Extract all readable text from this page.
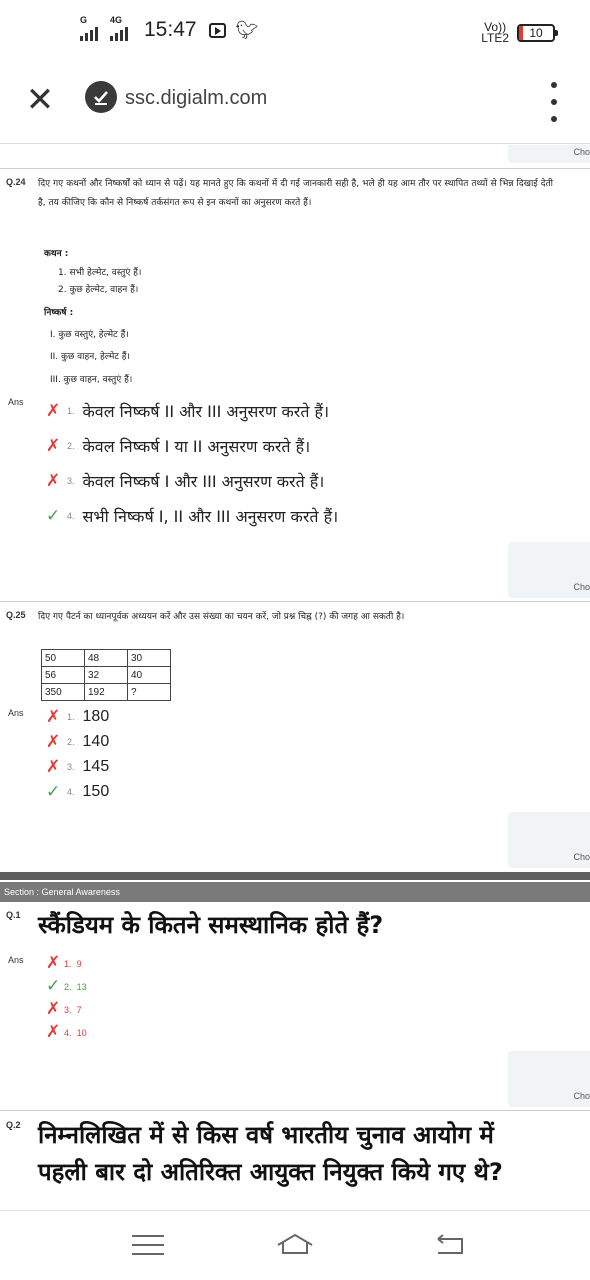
G	4G 15:47 🐦︎	Vo))
LTE2 10
✕	ssc.digialm.com
Cho
Q.24 दिए गए कथनों और निष्कर्षों को ध्यान से पढ़ें। यह मानते हुए कि कथनों में दी गई जानकारी सही है, भले ही यह आम तौर पर स्थापित तथ्यों से भिन्न दिखाई देती है, तय कीजिए कि कौन से निष्कर्ष तर्कसंगत रूप से इन कथनों का अनुसरण करते हैं।
कथन :
1. सभी हेल्मेट, वस्तुएं हैं।
2. कुछ हेल्मेट, वाहन हैं।
निष्कर्ष :
I. कुछ वस्तुएं, हेल्मेट हैं।
II. कुछ वाहन, हेल्मेट हैं।
III. कुछ वाहन, वस्तुएं हैं।
Ans ✗ 1. केवल निष्कर्ष II और III अनुसरण करते हैं।
✗ 2. केवल निष्कर्ष I या II अनुसरण करते हैं।
✗ 3. केवल निष्कर्ष I और III अनुसरण करते हैं।
✓ 4. सभी निष्कर्ष I, II और III अनुसरण करते हैं।
Cho
Q.25 दिए गए पैटर्न का ध्यानपूर्वक अध्ययन करें और उस संख्या का चयन करें, जो प्रश्न चिह्न (?) की जगह आ सकती है।
50	48	30
56	32	40
350	192	?
Ans ✗ 1. 180
✗ 2. 140
✗ 3. 145
✓ 4. 150
Cho
Section : General Awareness
Q.1 स्कैंडियम के कितने समस्थानिक होते हैं?
Ans ✗ 1.
9
✓ 2.
13
✗ 3.
7
✗ 4.
10
Cho
Q.2 निम्नलिखित में से किस वर्ष भारतीय चुनाव आयोग में पहली बार दो अतिरिक्त आयुक्त नियुक्त किये गए थे?
